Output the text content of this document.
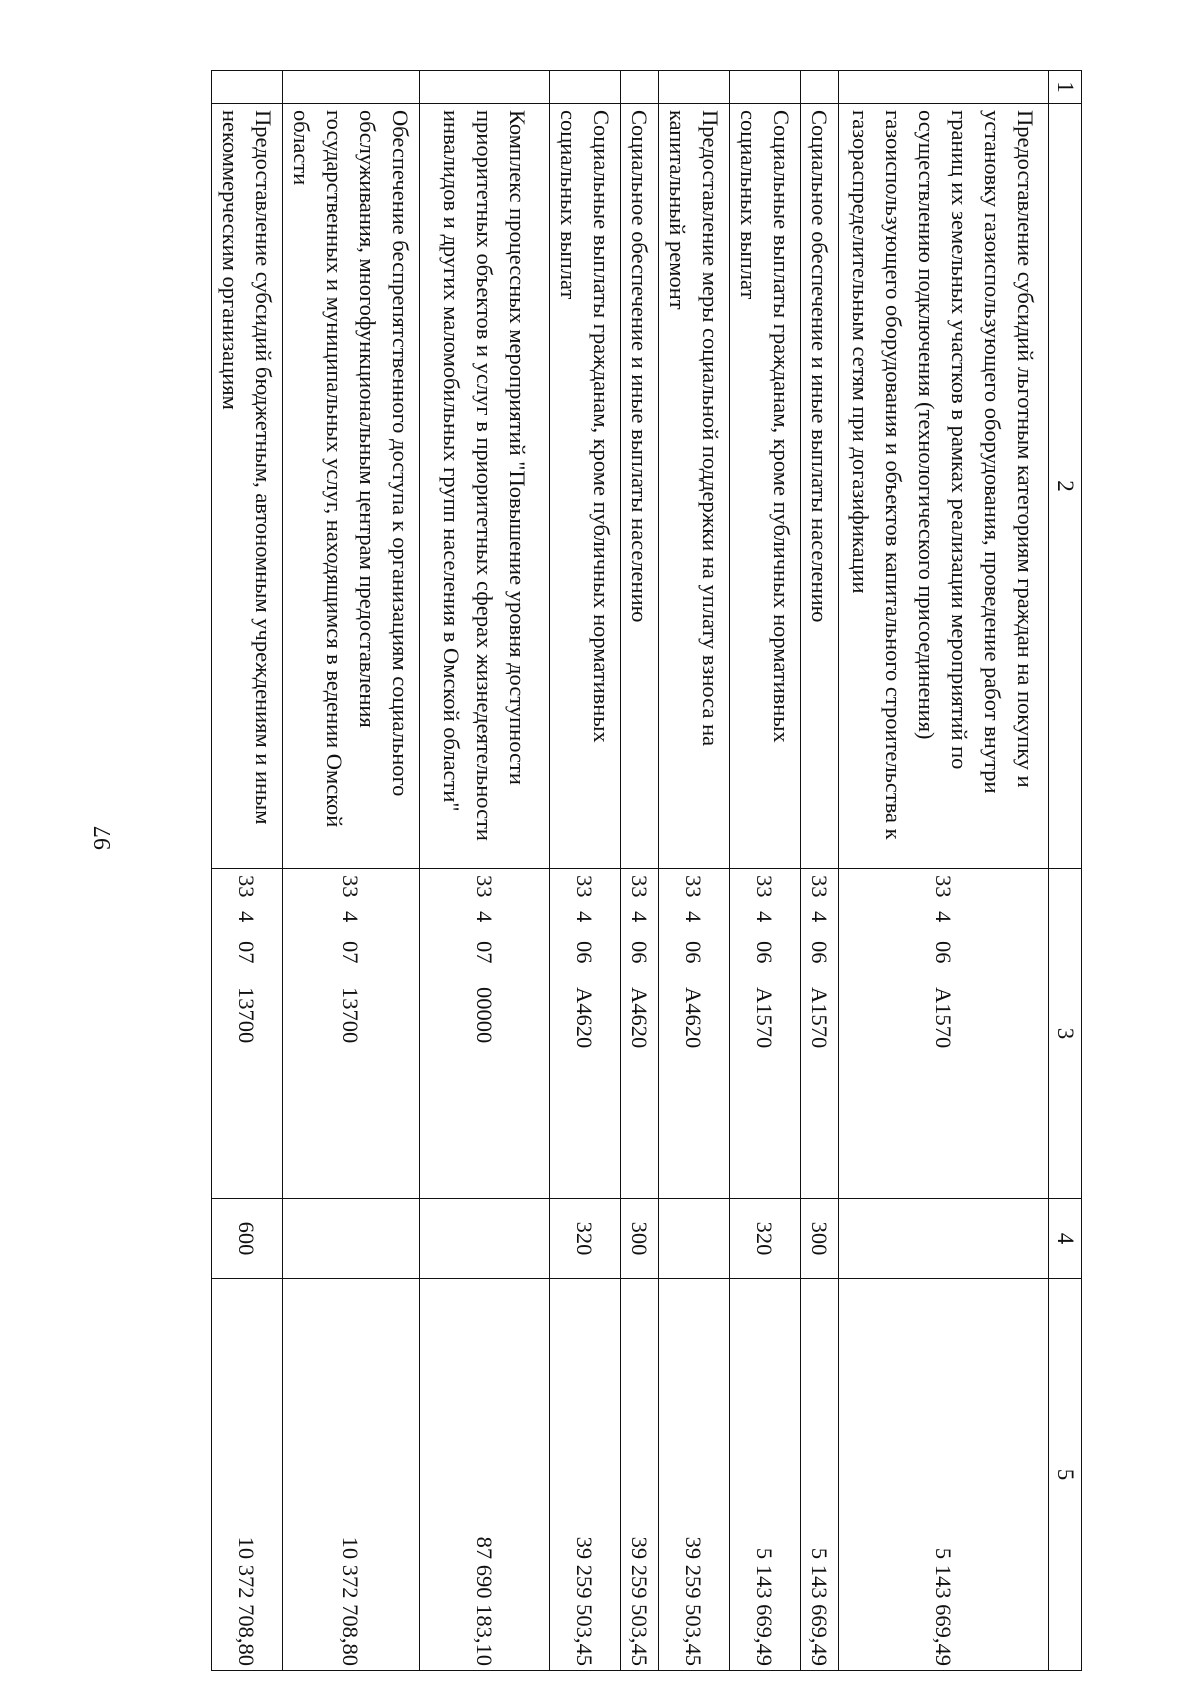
97
1	2	3	4	5
	Предоставление субсидий льготным категориям граждан на покупку и установку газоиспользующего оборудования, проведение работ внутри границ их земельных участков в рамках реализации мероприятий по осуществлению подключения (технологического присоединения) газоиспользующего оборудования и объектов капитального строительства к газораспределительным сетям при догазификации	33406А1570		5 143 669,49
	Социальное обеспечение и иные выплаты населению	33406А1570	300	5 143 669,49
	Социальные выплаты гражданам, кроме публичных нормативных социальных выплат	33406А1570	320	5 143 669,49
	Предоставление меры социальной поддержки на уплату взноса на капитальный ремонт	33406А4620		39 259 503,45
	Социальное обеспечение и иные выплаты населению	33406А4620	300	39 259 503,45
	Социальные выплаты гражданам, кроме публичных нормативных социальных выплат	33406А4620	320	39 259 503,45
	Комплекс процессных мероприятий "Повышение уровня доступности приоритетных объектов и услуг в приоритетных сферах жизнедеятельности инвалидов и других маломобильных групп населения в Омской области"	3340700000		87 690 183,10
	Обеспечение беспрепятственного доступа к организациям социального обслуживания, многофункциональным центрам предоставления государственных и муниципальных услуг, находящимся в ведении Омской области	3340713700		10 372 708,80
	Предоставление субсидий бюджетным, автономным учреждениям и иным некоммерческим организациям	3340713700	600	10 372 708,80
